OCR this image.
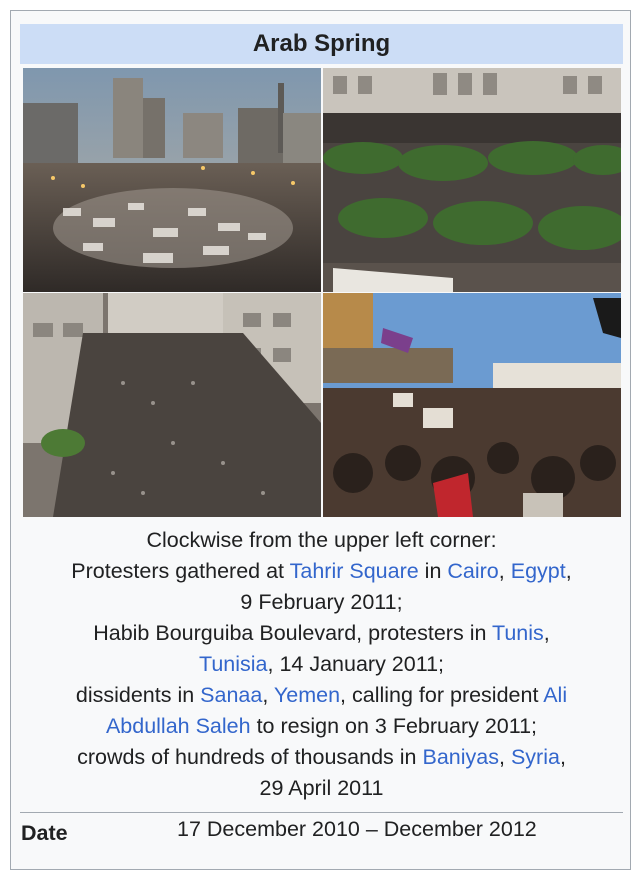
Arab Spring
Clockwise from the upper left corner:
Protesters gathered at Tahrir Square in Cairo, Egypt,
9 February 2011;
Habib Bourguiba Boulevard, protesters in Tunis,
Tunisia, 14 January 2011;
dissidents in Sanaa, Yemen, calling for president Ali
Abdullah Saleh to resign on 3 February 2011;
crowds of hundreds of thousands in Baniyas, Syria,
29 April 2011
Date	17 December 2010 – December 2012
